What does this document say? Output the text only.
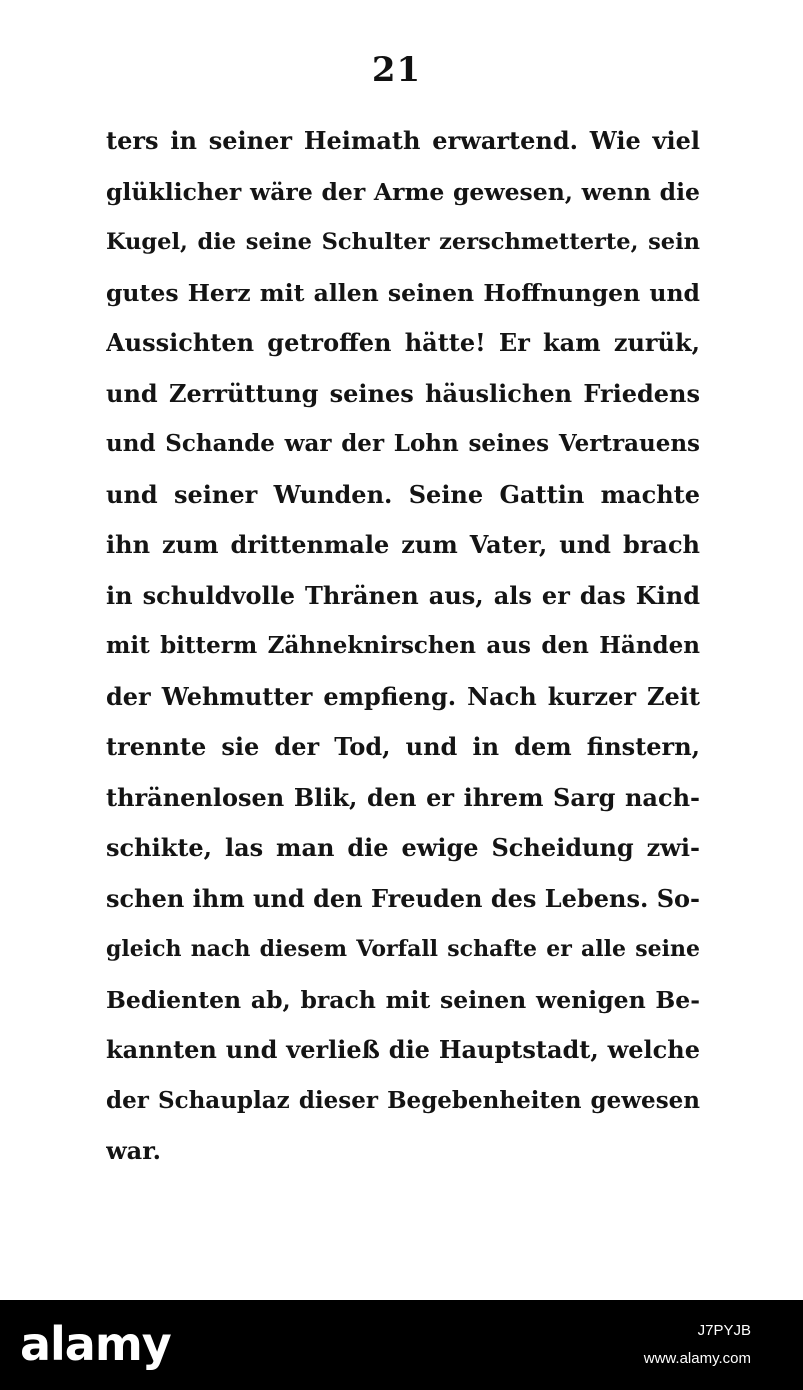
21
ters in seiner Heimath erwartend. Wie viel
glüklicher wäre der Arme gewesen, wenn die
Kugel, die seine Schulter zerschmetterte, sein
gutes Herz mit allen seinen Hoffnungen und
Aussichten getroffen hätte! Er kam zurük,
und Zerrüttung seines häuslichen Friedens
und Schande war der Lohn seines Vertrauens
und seiner Wunden. Seine Gattin machte
ihn zum drittenmale zum Vater, und brach
in schuldvolle Thränen aus, als er das Kind
mit bitterm Zähneknirschen aus den Händen
der Wehmutter empfieng. Nach kurzer Zeit
trennte sie der Tod, und in dem finstern,
thränenlosen Blik, den er ihrem Sarg nach-
schikte, las man die ewige Scheidung zwi-
schen ihm und den Freuden des Lebens. So-
gleich nach diesem Vorfall schafte er alle seine
Bedienten ab, brach mit seinen wenigen Be-
kannten und verließ die Hauptstadt, welche
der Schauplaz dieser Begebenheiten gewesen
war.
alamy	J7PYJB
www.alamy.com
